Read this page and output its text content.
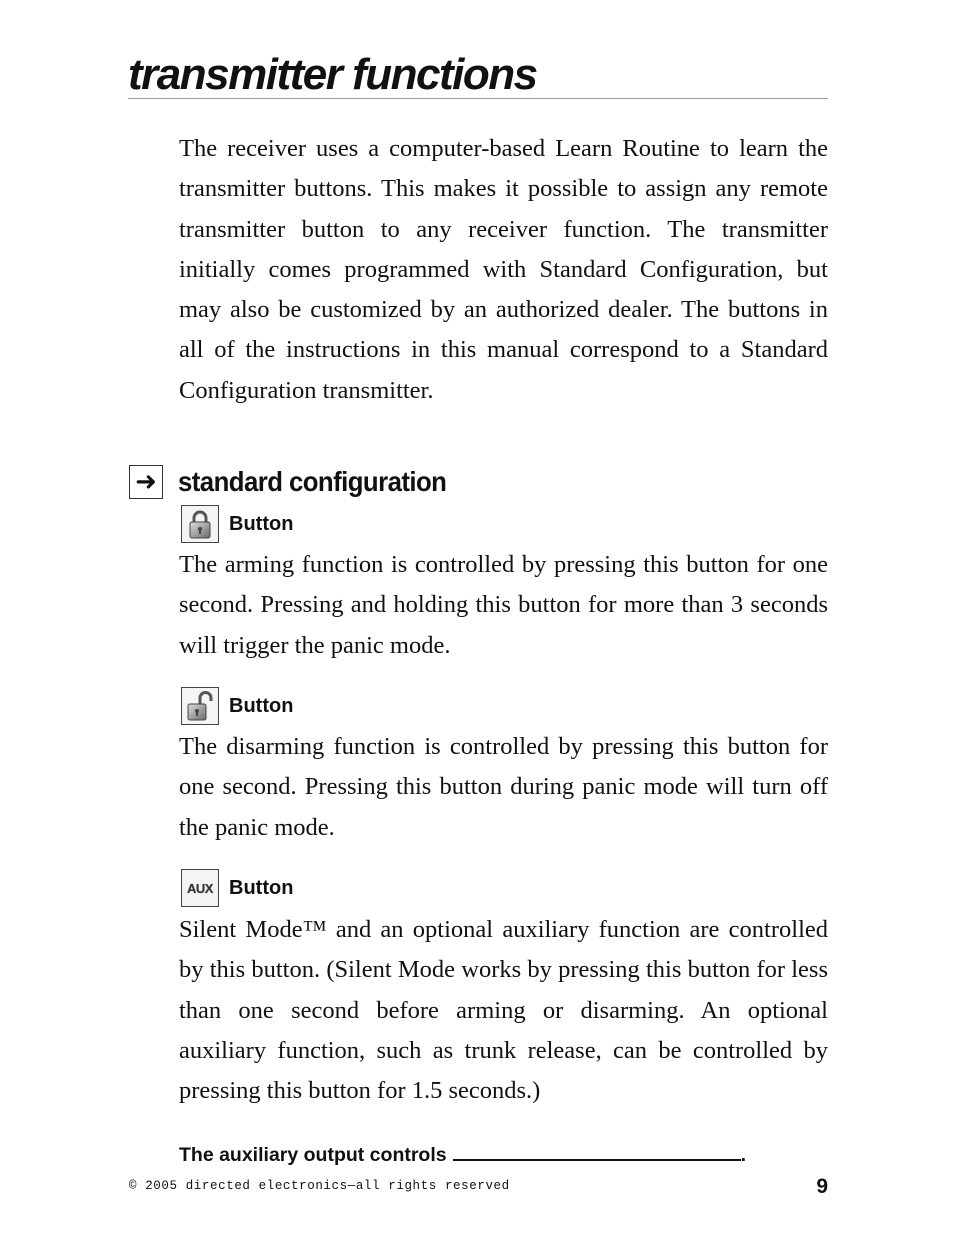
transmitter functions

The receiver uses a computer-based Learn Routine to learn the transmitter buttons. This makes it possible to assign any remote transmitter button to any receiver function. The transmitter initially comes programmed with Standard Configuration, but may also be customized by an authorized dealer. The buttons in all of the instructions in this manual correspond to a Standard Configuration transmitter.

➜ standard configuration
Button

The arming function is controlled by pressing this button for one second. Pressing and holding this button for more than 3 seconds will trigger the panic mode.

Button

The disarming function is controlled by pressing this button for one second. Pressing this button during panic mode will turn off the panic mode.

AUX Button

Silent Mode™ and an optional auxiliary function are controlled by this button. (Silent Mode works by pressing this button for less than one second before arming or disarming. An optional auxiliary function, such as trunk release, can be controlled by pressing this button for 1.5 seconds.)

The auxiliary output controls	.
© 2005 directed electronics—all rights reserved	9
